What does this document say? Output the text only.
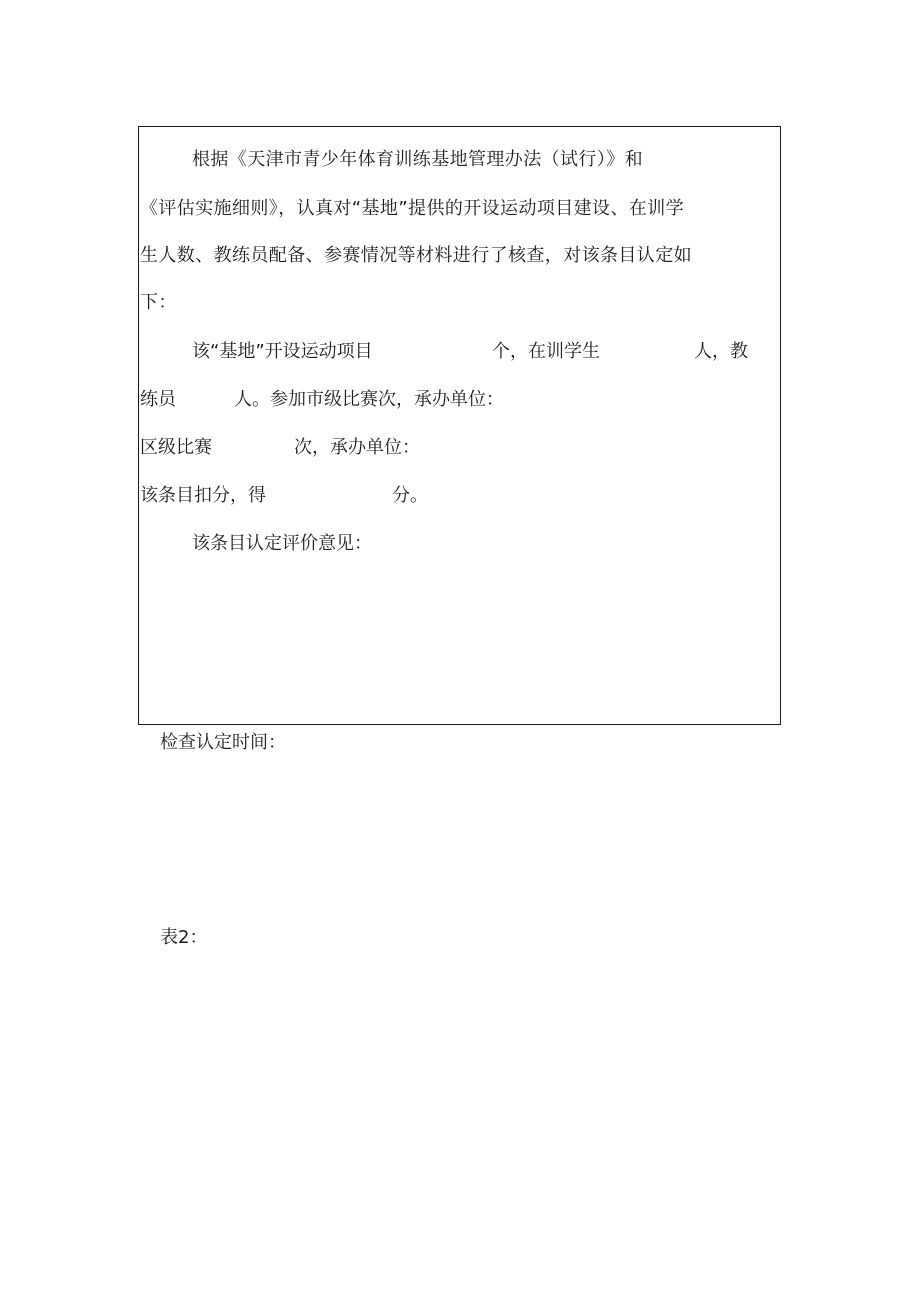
根据《天津市青少年体育训练基地管理办法（试行）》和
《评估实施细则》，认真对“基地”提供的开设运动项目建设、在训学
生人数、教练员配备、参赛情况等材料进行了核查，对该条目认定如
下：
该“基地”开设运动项目	个，在训学生	人，教
练员	人。参加市级比赛次，承办单位：
区级比赛	次，承办单位：
该条目扣分，得	分。
该条目认定评价意见：
检查认定时间：
表2：
